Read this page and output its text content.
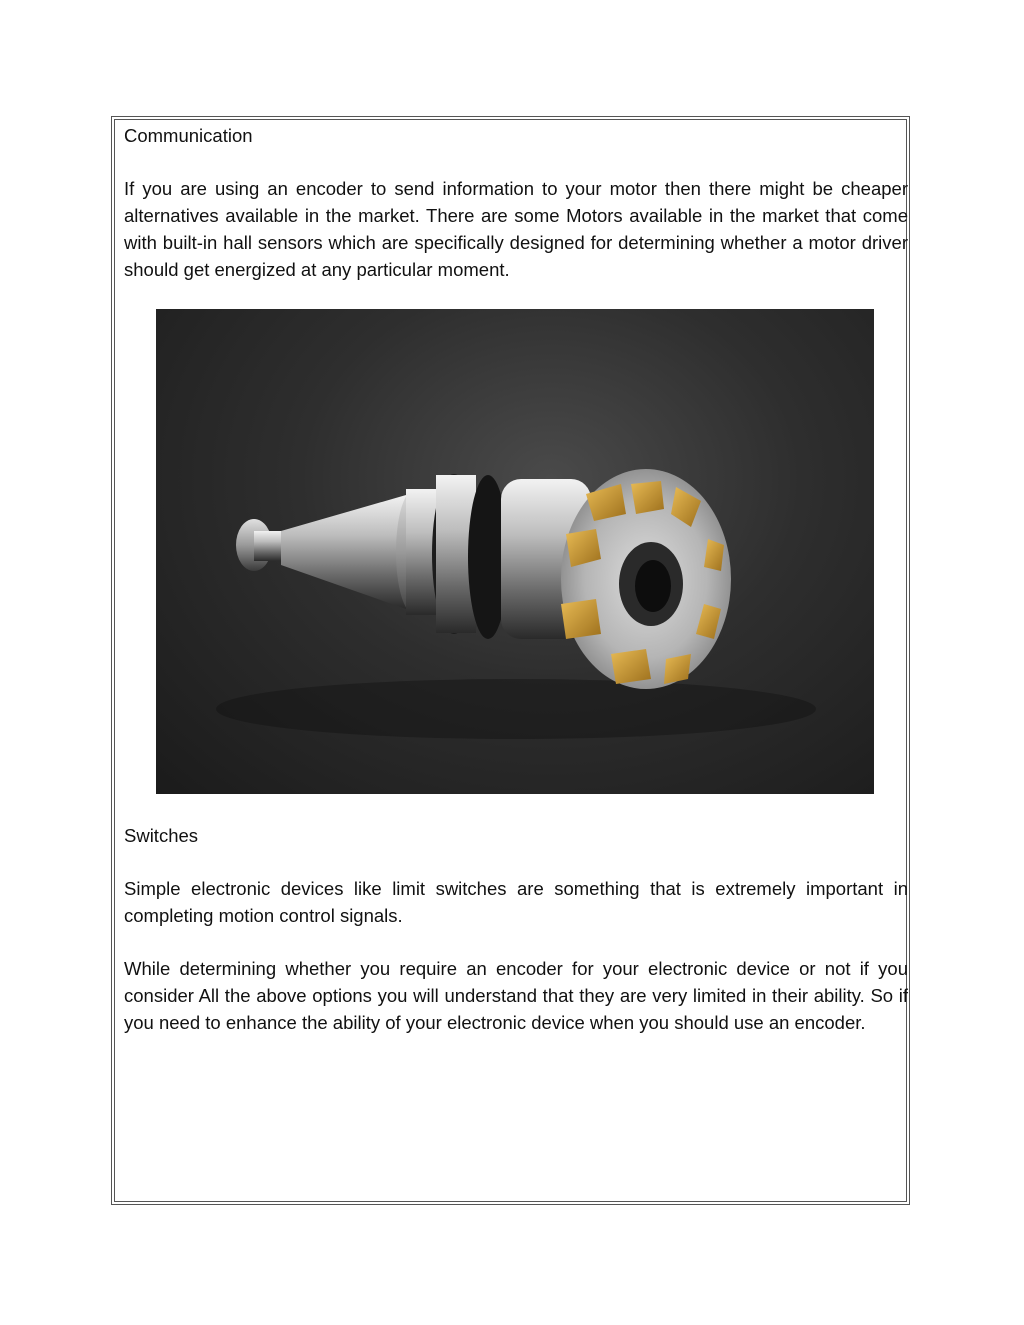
Communication

If you are using an encoder to send information to your motor then there might be cheaper alternatives available in the market. There are some Motors available in the market that come with built-in hall sensors which are specifically designed for determining whether a motor driver should get energized at any particular moment.

Switches

Simple electronic devices like limit switches are something that is extremely important in completing motion control signals.

While determining whether you require an encoder for your electronic device or not if you consider All the above options you will understand that they are very limited in their ability. So if you need to enhance the ability of your electronic device when you should use an encoder.
